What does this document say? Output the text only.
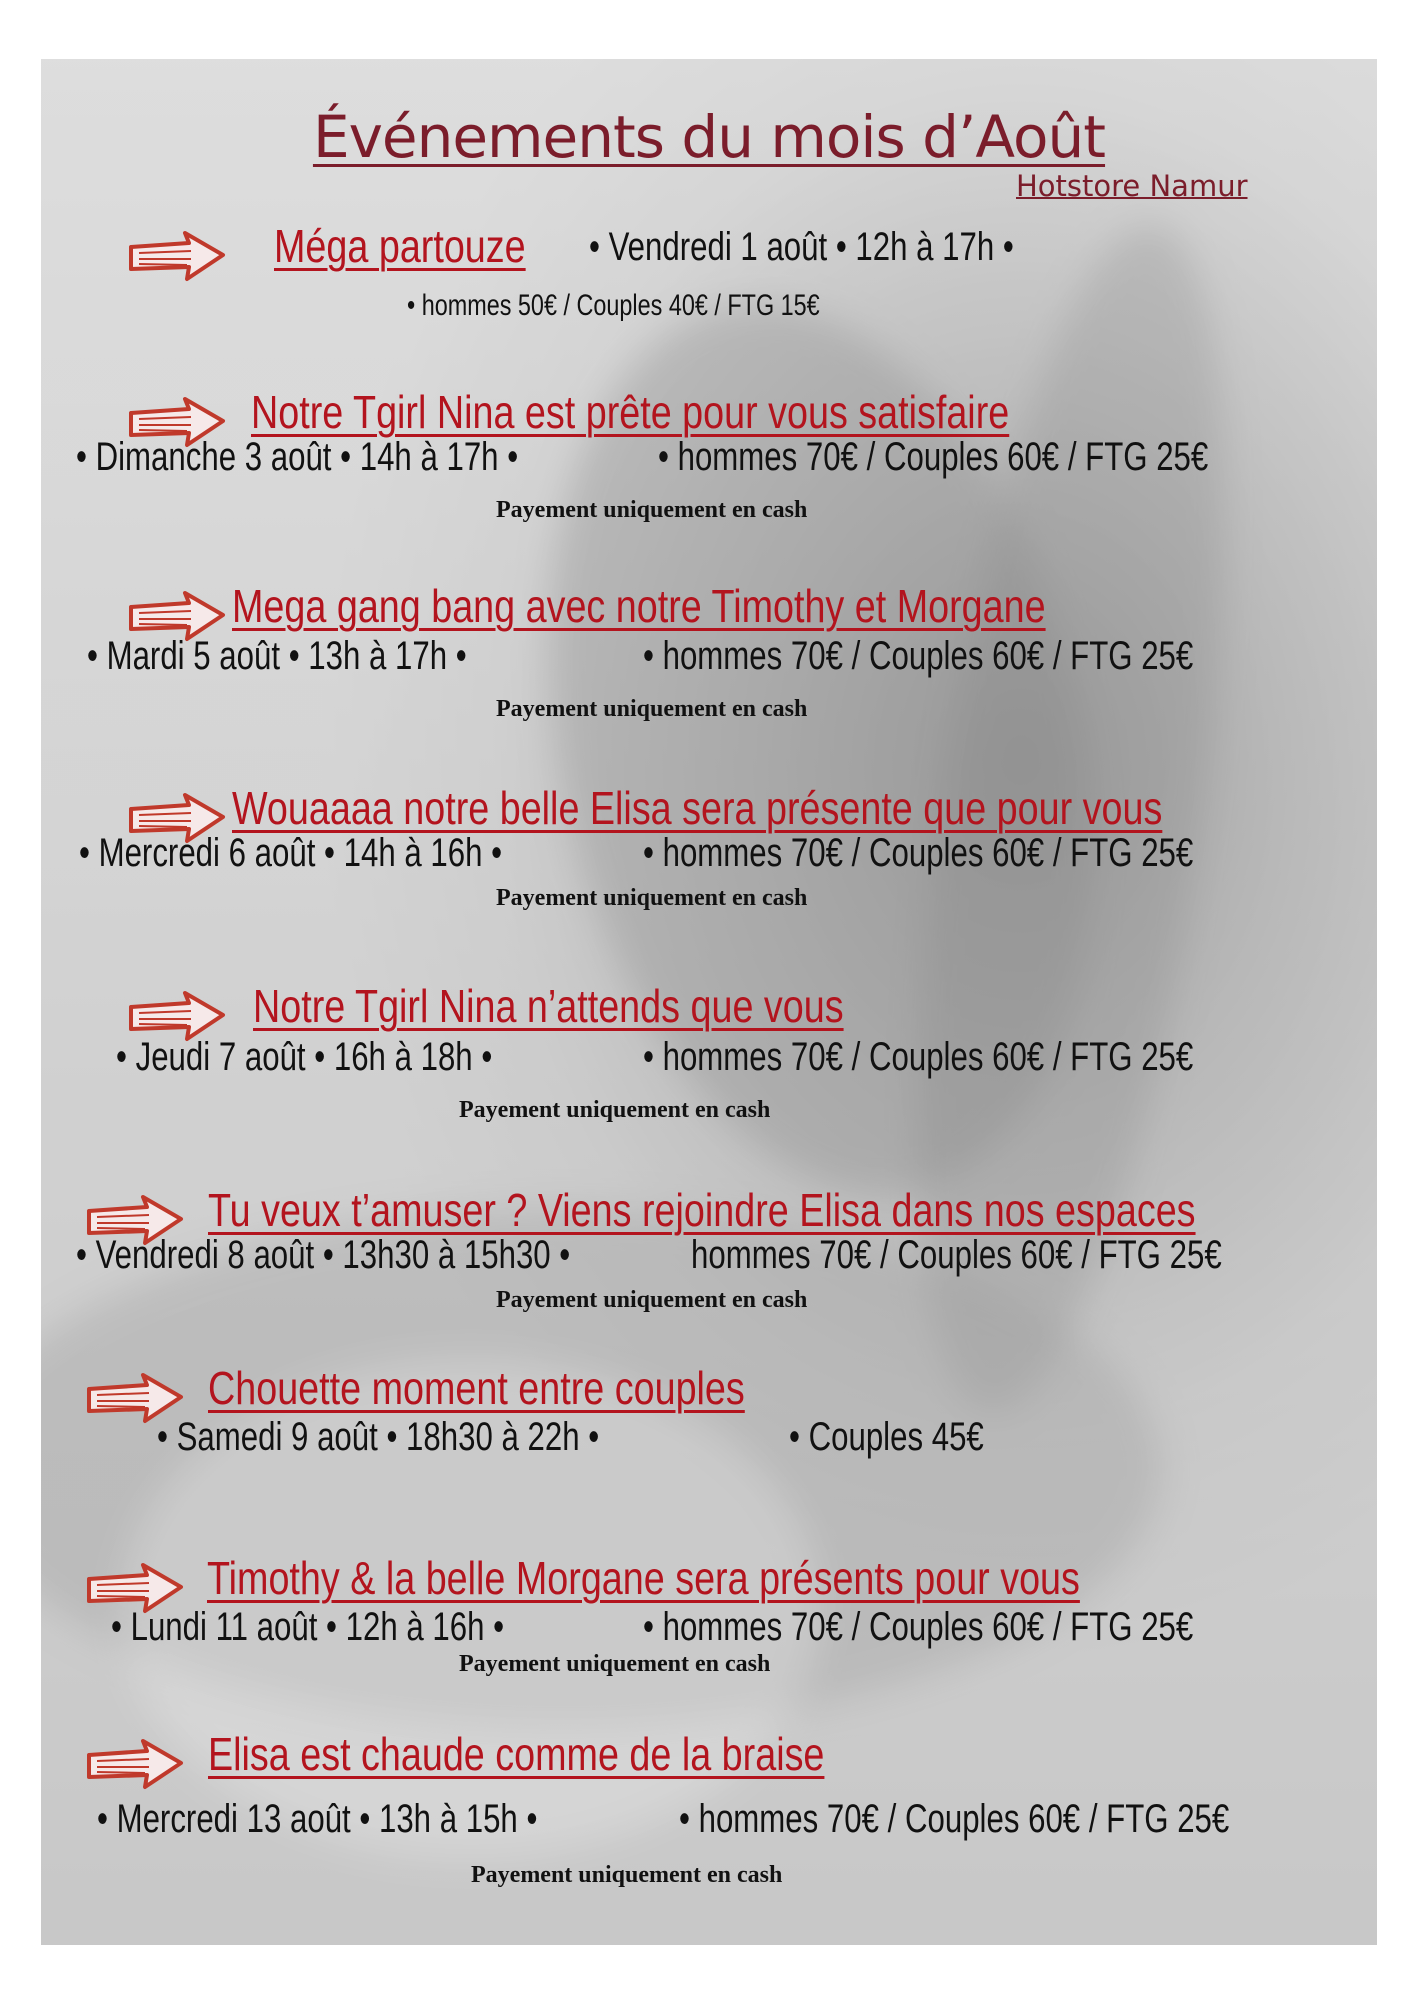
Événements du mois d’Août
Hotstore Namur
Méga partouze • Vendredi 1 août • 12h à 17h •
• hommes 50€ / Couples 40€ / FTG 15€
Notre Tgirl Nina est prête pour vous satisfaire
• Dimanche 3 août • 14h à 17h •	• hommes 70€ / Couples 60€ / FTG 25€
Payement uniquement en cash
Mega gang bang avec notre Timothy et Morgane
• Mardi 5 août • 13h à 17h •	• hommes 70€ / Couples 60€ / FTG 25€
Payement uniquement en cash
Wouaaaa notre belle Elisa sera présente que pour vous
• Mercredi 6 août • 14h à 16h •	• hommes 70€ / Couples 60€ / FTG 25€
Payement uniquement en cash
Notre Tgirl Nina n’attends que vous
• Jeudi 7 août • 16h à 18h •	• hommes 70€ / Couples 60€ / FTG 25€
Payement uniquement en cash
Tu veux t’amuser ? Viens rejoindre Elisa dans nos espaces
• Vendredi 8 août • 13h30 à 15h30 •	hommes 70€ / Couples 60€ / FTG 25€
Payement uniquement en cash
Chouette moment entre couples
• Samedi 9 août • 18h30 à 22h •	• Couples 45€
Timothy & la belle Morgane sera présents pour vous
• Lundi 11 août • 12h à 16h •	• hommes 70€ / Couples 60€ / FTG 25€
Payement uniquement en cash
Elisa est chaude comme de la braise
• Mercredi 13 août • 13h à 15h •	• hommes 70€ / Couples 60€ / FTG 25€
Payement uniquement en cash
